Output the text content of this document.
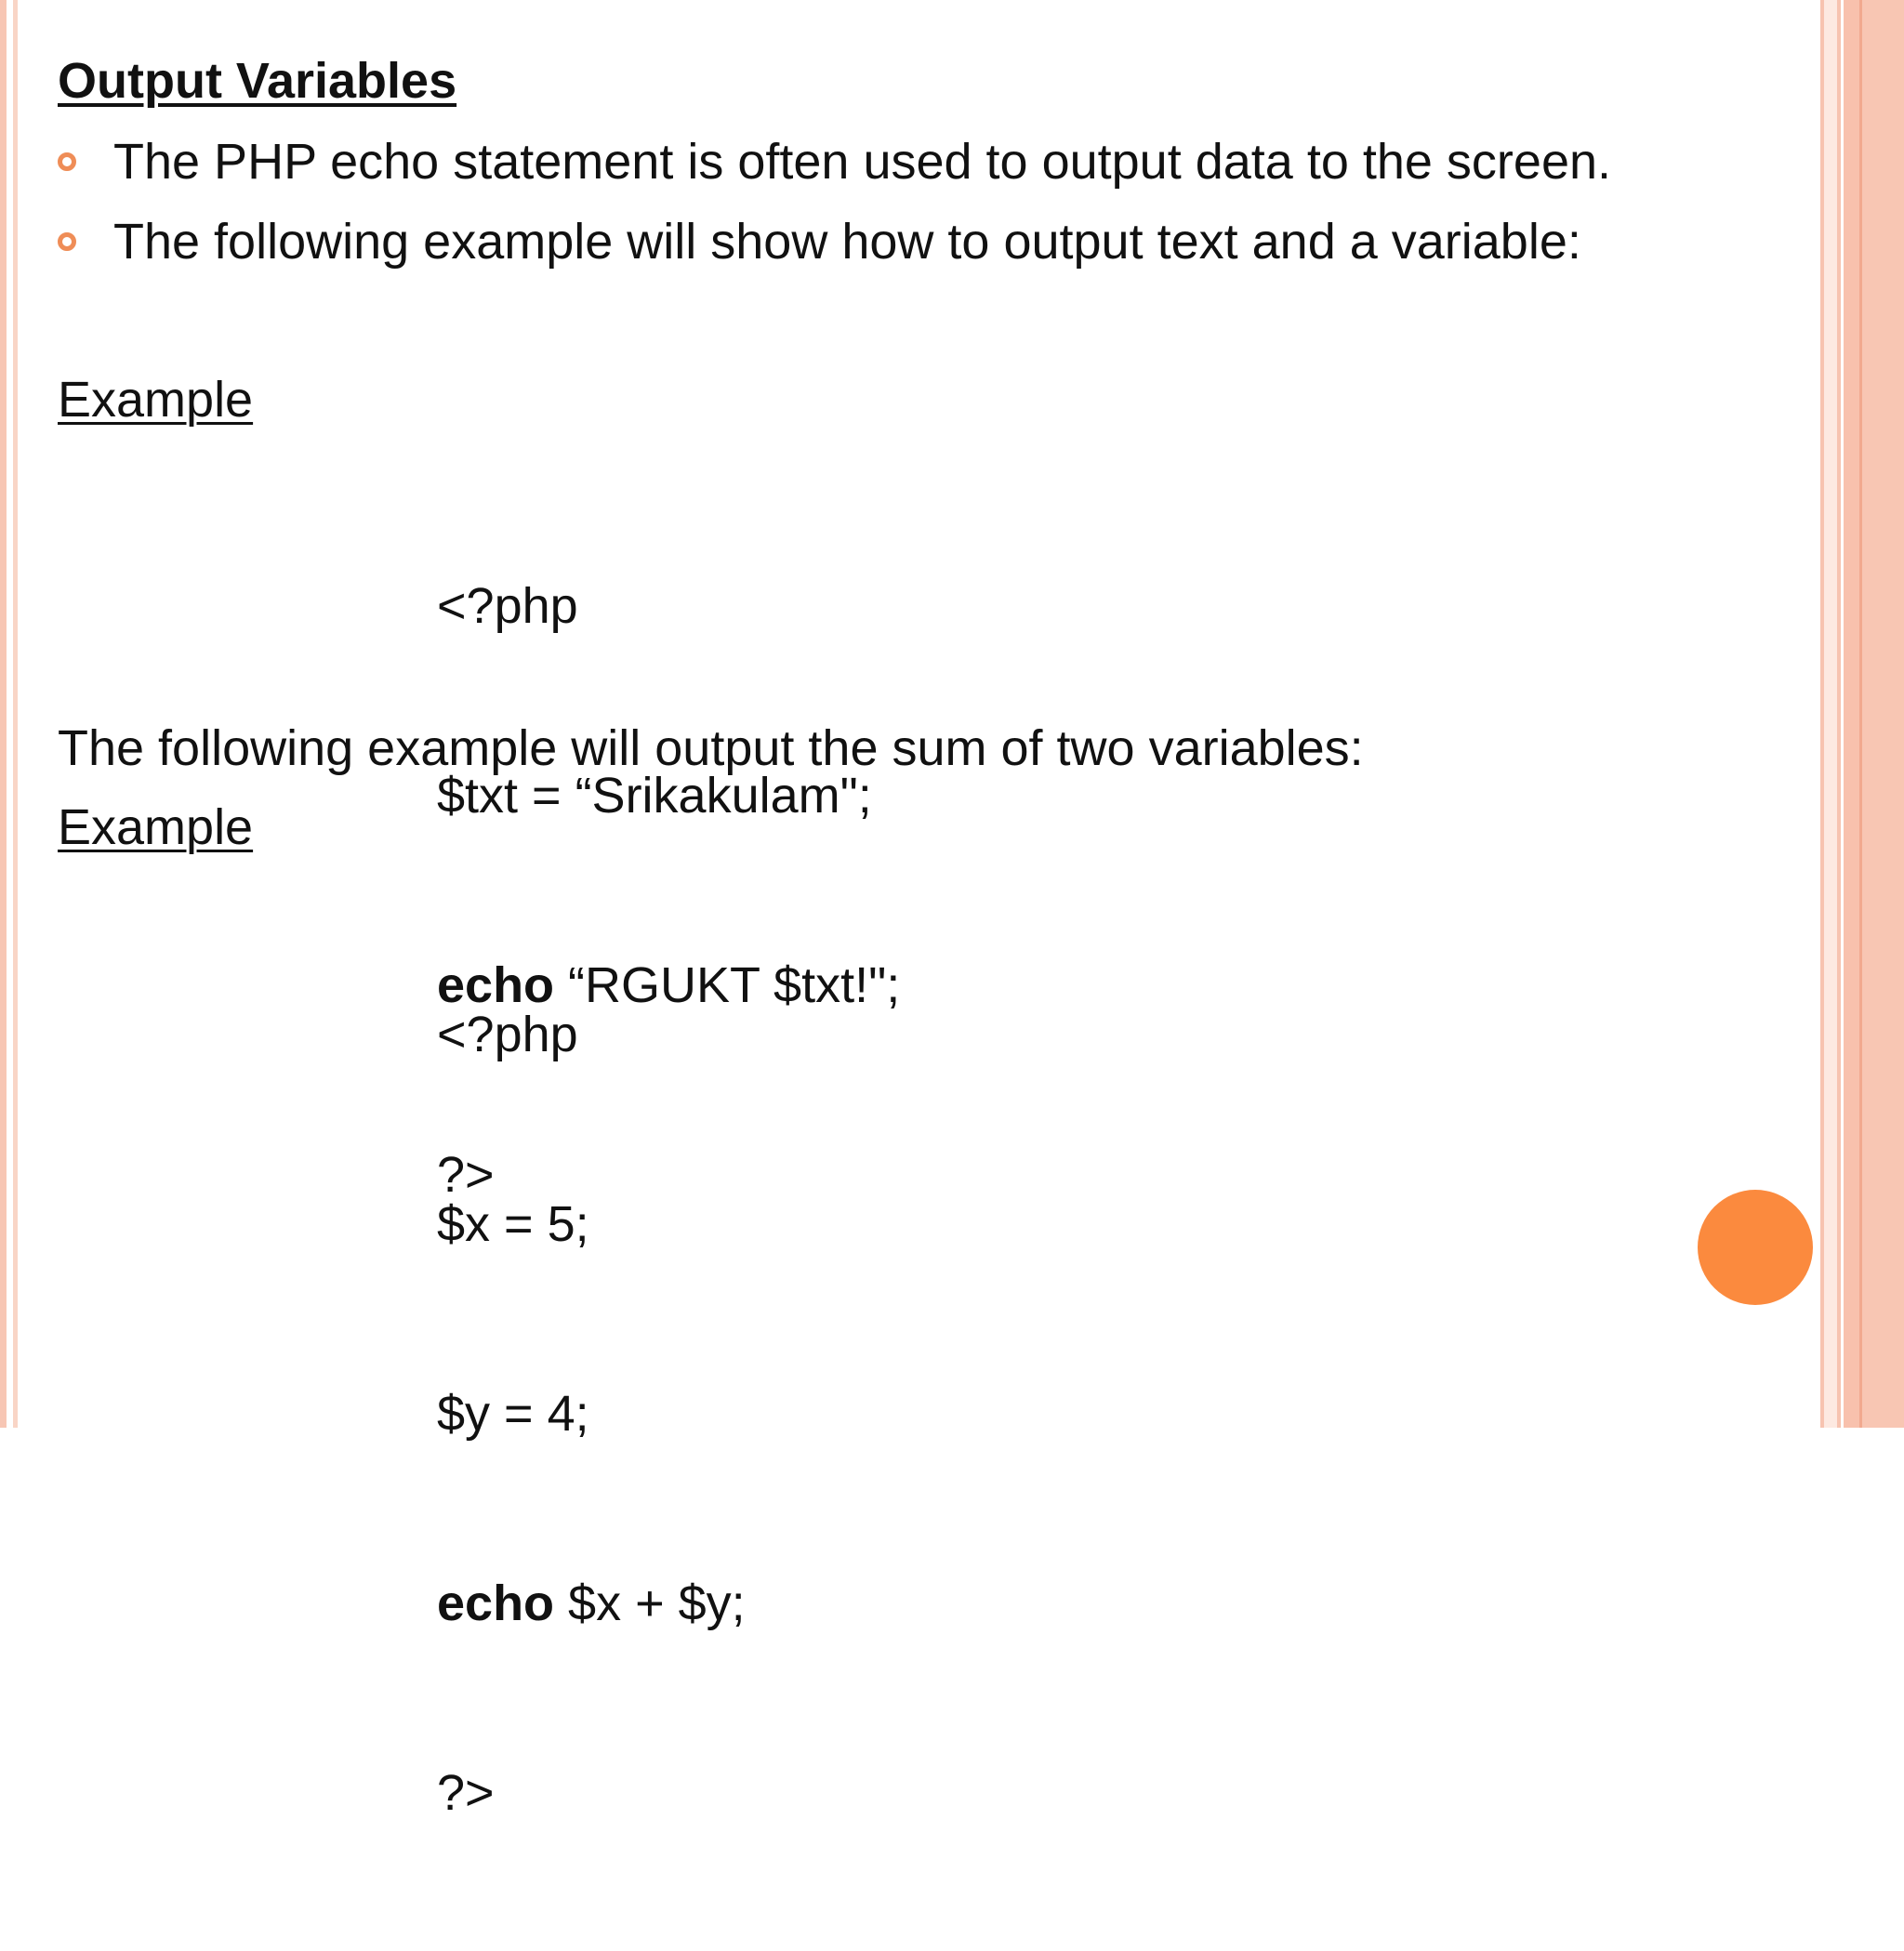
Output Variables
The PHP echo statement is often used to output data to the screen.
The following example will show how to output text and a variable:
Example

<?php

$txt = “Srikakulam";

echo “RGUKT $txt!";

?>

The following example will output the sum of two variables:
Example

<?php

$x = 5;

$y = 4;

echo $x + $y;

?>
